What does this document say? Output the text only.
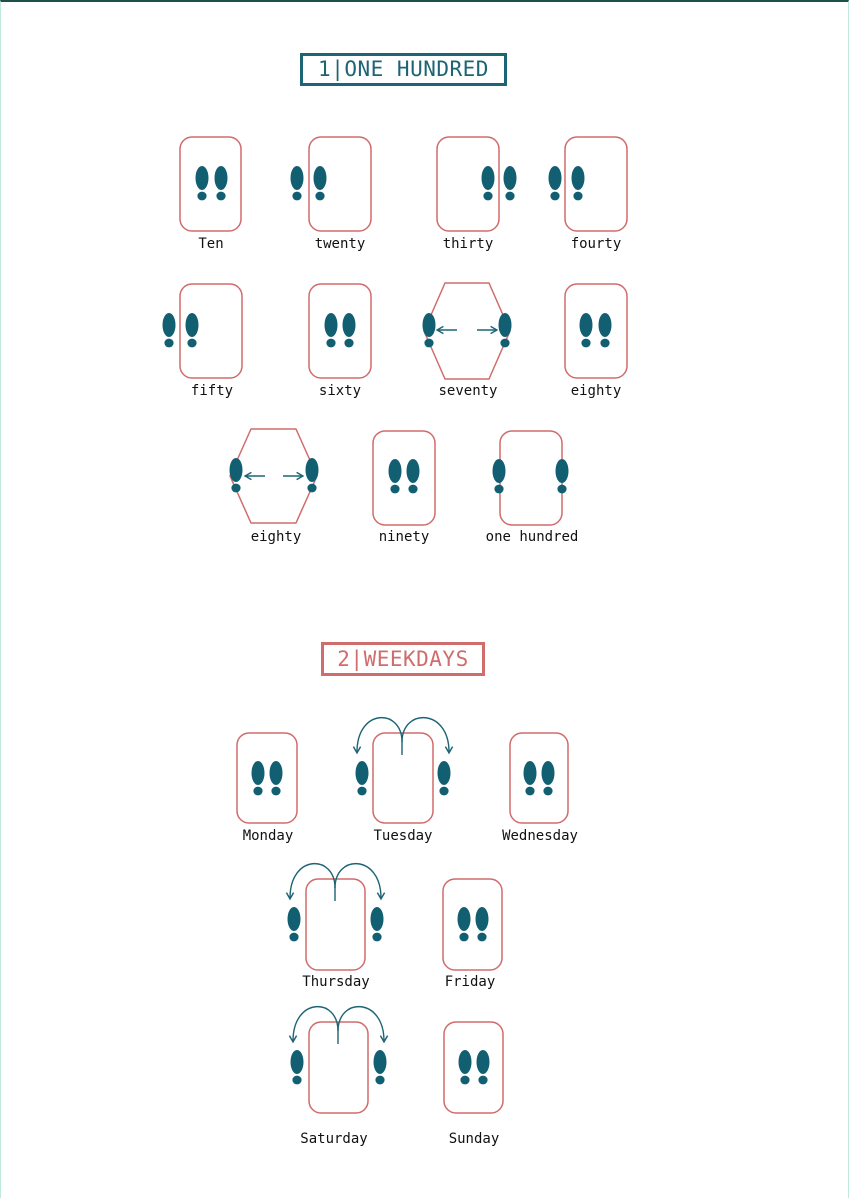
1 | ONE HUNDRED
Ten	twenty	thirty	fourty
fifty	sixty	seventy	eighty
eighty	ninety	one hundred
2 | WEEKDAYS
Monday	Tuesday	Wednesday
Thursday	Friday
Saturday	Sunday
